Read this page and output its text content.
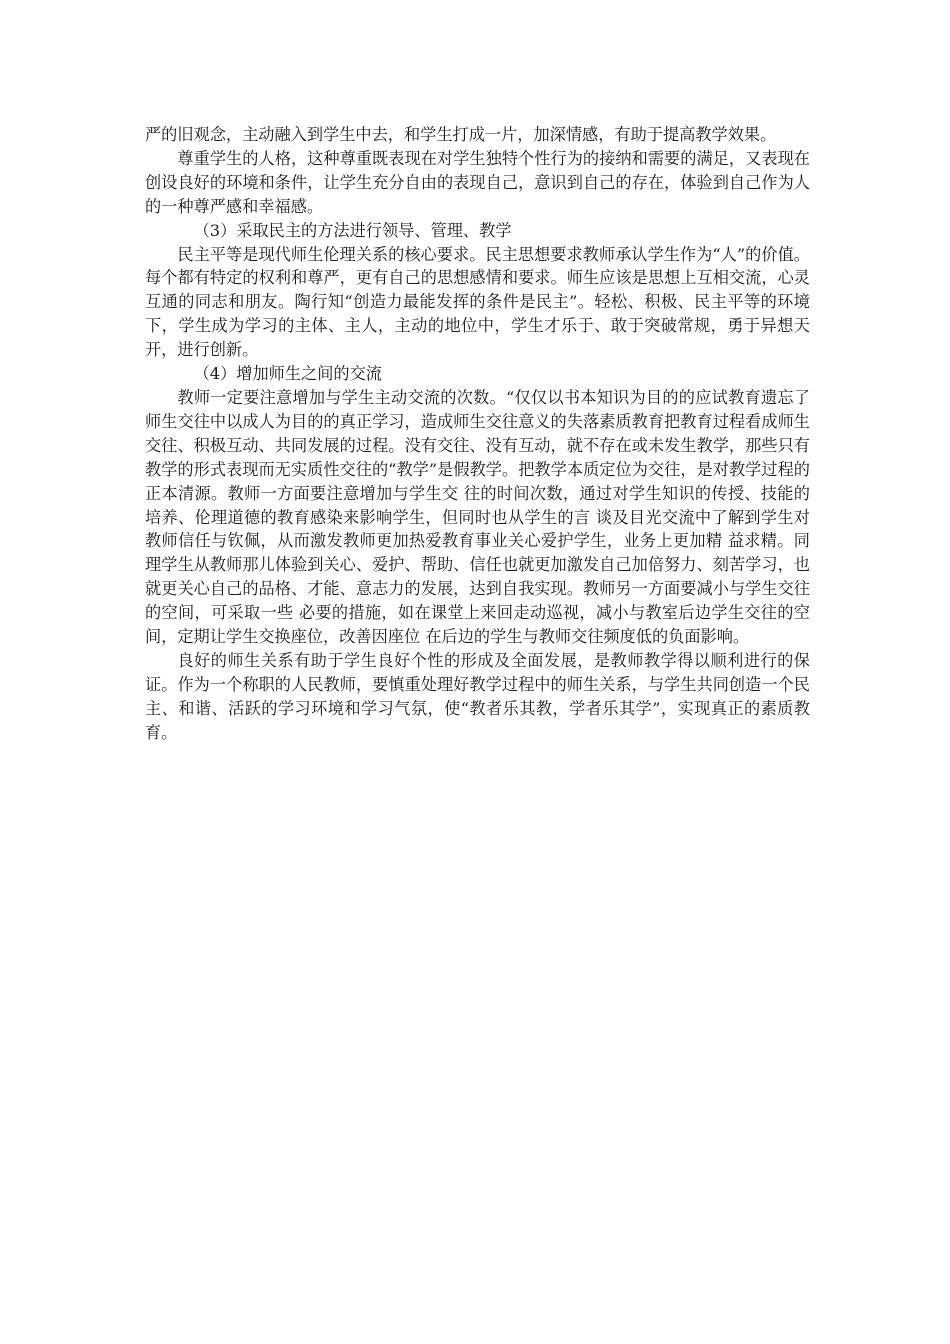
严的旧观念，主动融入到学生中去，和学生打成一片，加深情感，有助于提高教学效果。

尊重学生的人格，这种尊重既表现在对学生独特个性行为的接纳和需要的满足，又表现在创设良好的环境和条件，让学生充分自由的表现自己，意识到自己的存在，体验到自己作为人的一种尊严感和幸福感。

（3）采取民主的方法进行领导、管理、教学

民主平等是现代师生伦理关系的核心要求。民主思想要求教师承认学生作为“人”的价值。每个都有特定的权利和尊严，更有自己的思想感情和要求。师生应该是思想上互相交流，心灵互通的同志和朋友。陶行知“创造力最能发挥的条件是民主”。轻松、积极、民主平等的环境下，学生成为学习的主体、主人，主动的地位中，学生才乐于、敢于突破常规，勇于异想天开，进行创新。

（4）增加师生之间的交流

教师一定要注意增加与学生主动交流的次数。“仅仅以书本知识为目的的应试教育遗忘了师生交往中以成人为目的的真正学习，造成师生交往意义的失落素质教育把教育过程看成师生交往、积极互动、共同发展的过程。没有交往、没有互动，就不存在或未发生教学，那些只有教学的形式表现而无实质性交往的“教学”是假教学。把教学本质定位为交往，是对教学过程的正本清源。教师一方面要注意增加与学生交 往的时间次数，通过对学生知识的传授、技能的培养、伦理道德的教育感染来影响学生，但同时也从学生的言 谈及目光交流中了解到学生对教师信任与钦佩，从而激发教师更加热爱教育事业关心爱护学生，业务上更加精 益求精。同理学生从教师那儿体验到关心、爱护、帮助、信任也就更加激发自己加倍努力、刻苦学习，也就更关心自己的品格、才能、意志力的发展，达到自我实现。教师另一方面要减小与学生交往的空间，可采取一些 必要的措施，如在课堂上来回走动巡视，减小与教室后边学生交往的空间，定期让学生交换座位，改善因座位 在后边的学生与教师交往频度低的负面影响。

良好的师生关系有助于学生良好个性的形成及全面发展，是教师教学得以顺利进行的保证。作为一个称职的人民教师，要慎重处理好教学过程中的师生关系，与学生共同创造一个民主、和谐、活跃的学习环境和学习气氛，使“教者乐其教，学者乐其学”，实现真正的素质教育。
